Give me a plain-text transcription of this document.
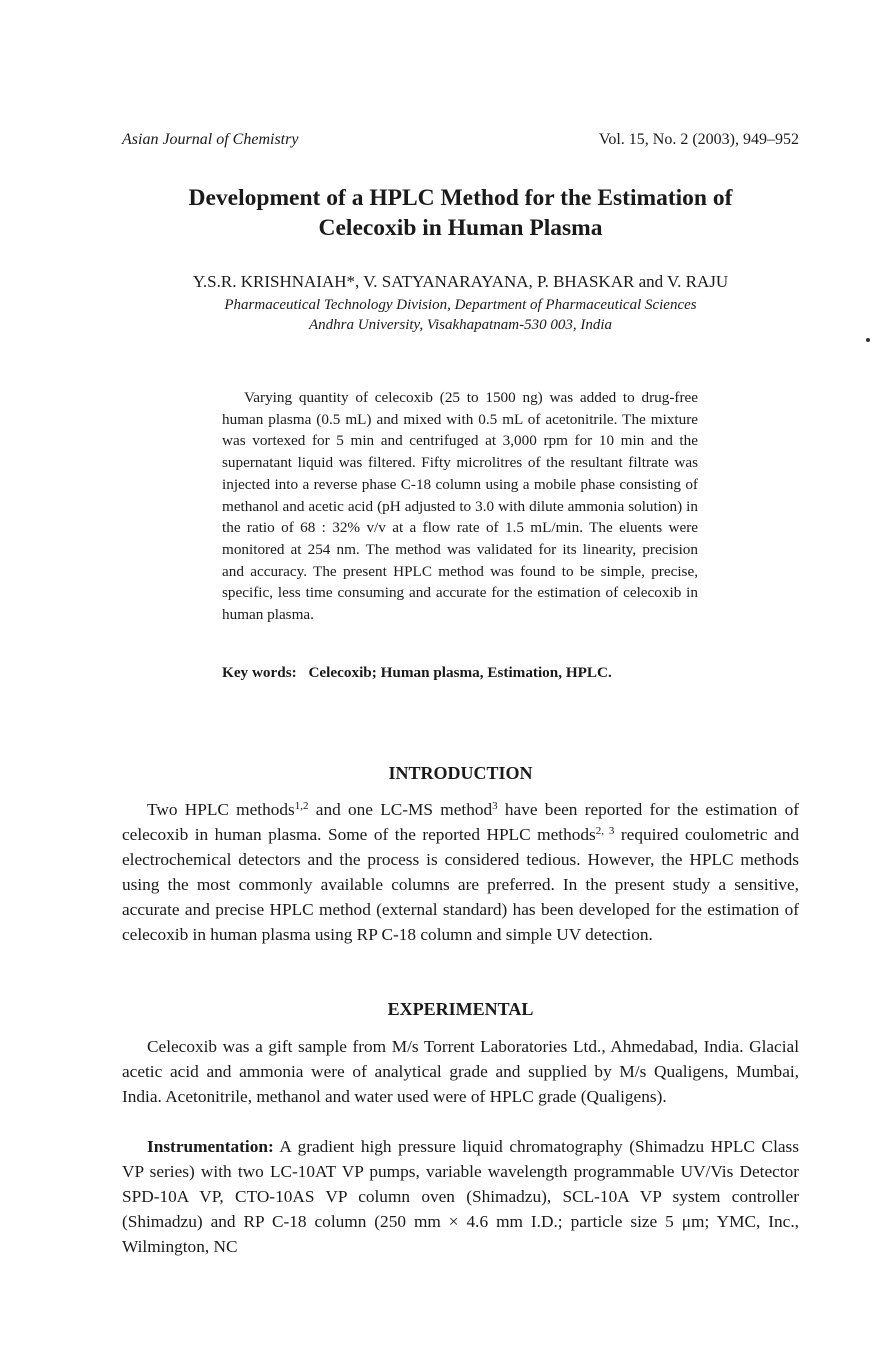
Asian Journal of Chemistry	Vol. 15, No. 2 (2003), 949–952
Development of a HPLC Method for the Estimation of
Celecoxib in Human Plasma
Y.S.R. KRISHNAIAH*, V. SATYANARAYANA, P. BHASKAR and V. RAJU
Pharmaceutical Technology Division, Department of Pharmaceutical Sciences
Andhra University, Visakhapatnam-530 003, India

Varying quantity of celecoxib (25 to 1500 ng) was added to drug-free human plasma (0.5 mL) and mixed with 0.5 mL of acetonitrile. The mixture was vortexed for 5 min and centrifuged at 3,000 rpm for 10 min and the supernatant liquid was filtered. Fifty microlitres of the resultant filtrate was injected into a reverse phase C-18 column using a mobile phase consisting of methanol and acetic acid (pH adjusted to 3.0 with dilute ammonia solution) in the ratio of 68 : 32% v/v at a flow rate of 1.5 mL/min. The eluents were monitored at 254 nm. The method was validated for its linearity, precision and accuracy. The present HPLC method was found to be simple, precise, specific, less time consuming and accurate for the estimation of celecoxib in human plasma.

Key words: Celecoxib; Human plasma, Estimation, HPLC.
INTRODUCTION

Two HPLC methods$^{1,2}$ and one LC-MS method$^3$ have been reported for the estimation of celecoxib in human plasma. Some of the reported HPLC methods$^{2, 3}$ required coulometric and electrochemical detectors and the process is considered tedious. However, the HPLC methods using the most commonly available columns are preferred. In the present study a sensitive, accurate and precise HPLC method (external standard) has been developed for the estimation of celecoxib in human plasma using RP C-18 column and simple UV detection.

EXPERIMENTAL

Celecoxib was a gift sample from M/s Torrent Laboratories Ltd., Ahmedabad, India. Glacial acetic acid and ammonia were of analytical grade and supplied by M/s Qualigens, Mumbai, India. Acetonitrile, methanol and water used were of HPLC grade (Qualigens).

Instrumentation: A gradient high pressure liquid chromatography (Shimadzu HPLC Class VP series) with two LC-10AT VP pumps, variable wavelength programmable UV/Vis Detector SPD-10A VP, CTO-10AS VP column oven (Shimadzu), SCL-10A VP system controller (Shimadzu) and RP C-18 column (250 mm × 4.6 mm I.D.; particle size 5 μm; YMC, Inc., Wilmington, NC
